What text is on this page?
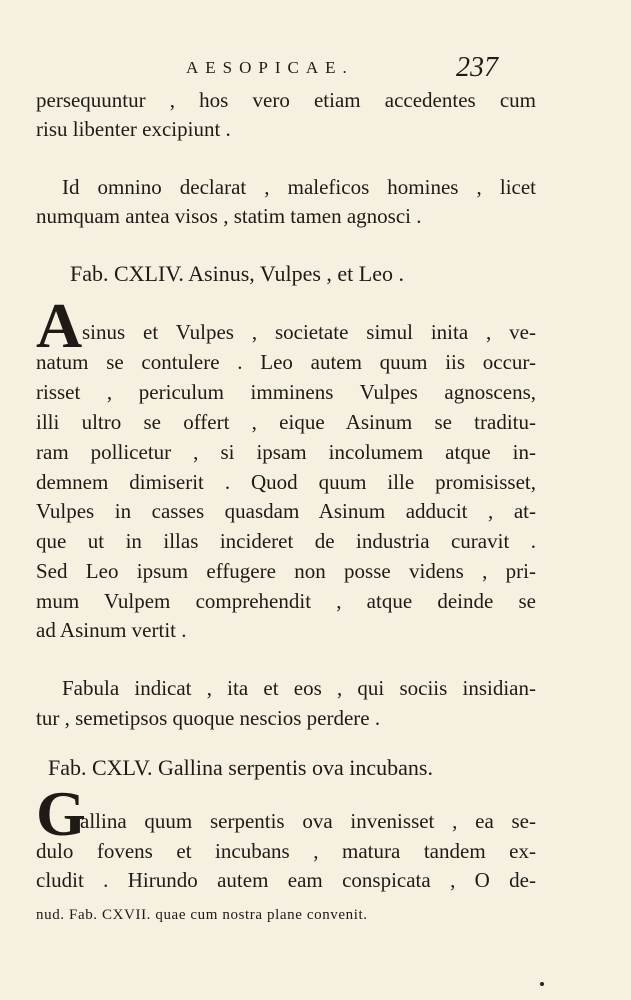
AESOPICAE.	237
persequuntur , hos vero etiam accedentes cum
risu libenter excipiunt .
Id omnino declarat , maleficos homines , licet
numquam antea visos , statim tamen agnosci .
Fab. CXLIV. Asinus, Vulpes , et Leo .
A sinus et Vulpes , societate simul inita , ve-
natum se contulere . Leo autem quum iis occur-
risset , periculum imminens Vulpes agnoscens,
illi ultro se offert , eique Asinum se traditu-
ram pollicetur , si ipsam incolumem atque in-
demnem dimiserit . Quod quum ille promisisset,
Vulpes in casses quasdam Asinum adducit , at-
que ut in illas incideret de industria curavit .
Sed Leo ipsum effugere non posse videns , pri-
mum Vulpem comprehendit , atque deinde se
ad Asinum vertit .
Fabula indicat , ita et eos , qui sociis insidian-
tur , semetipsos quoque nescios perdere .
Fab. CXLV. Gallina serpentis ova incubans.
G
allina quum serpentis ova invenisset , ea se-
dulo fovens et incubans , matura tandem ex-
cludit . Hirundo autem eam conspicata , O de-
nud. Fab. CXVII. quae cum nostra plane convenit.
